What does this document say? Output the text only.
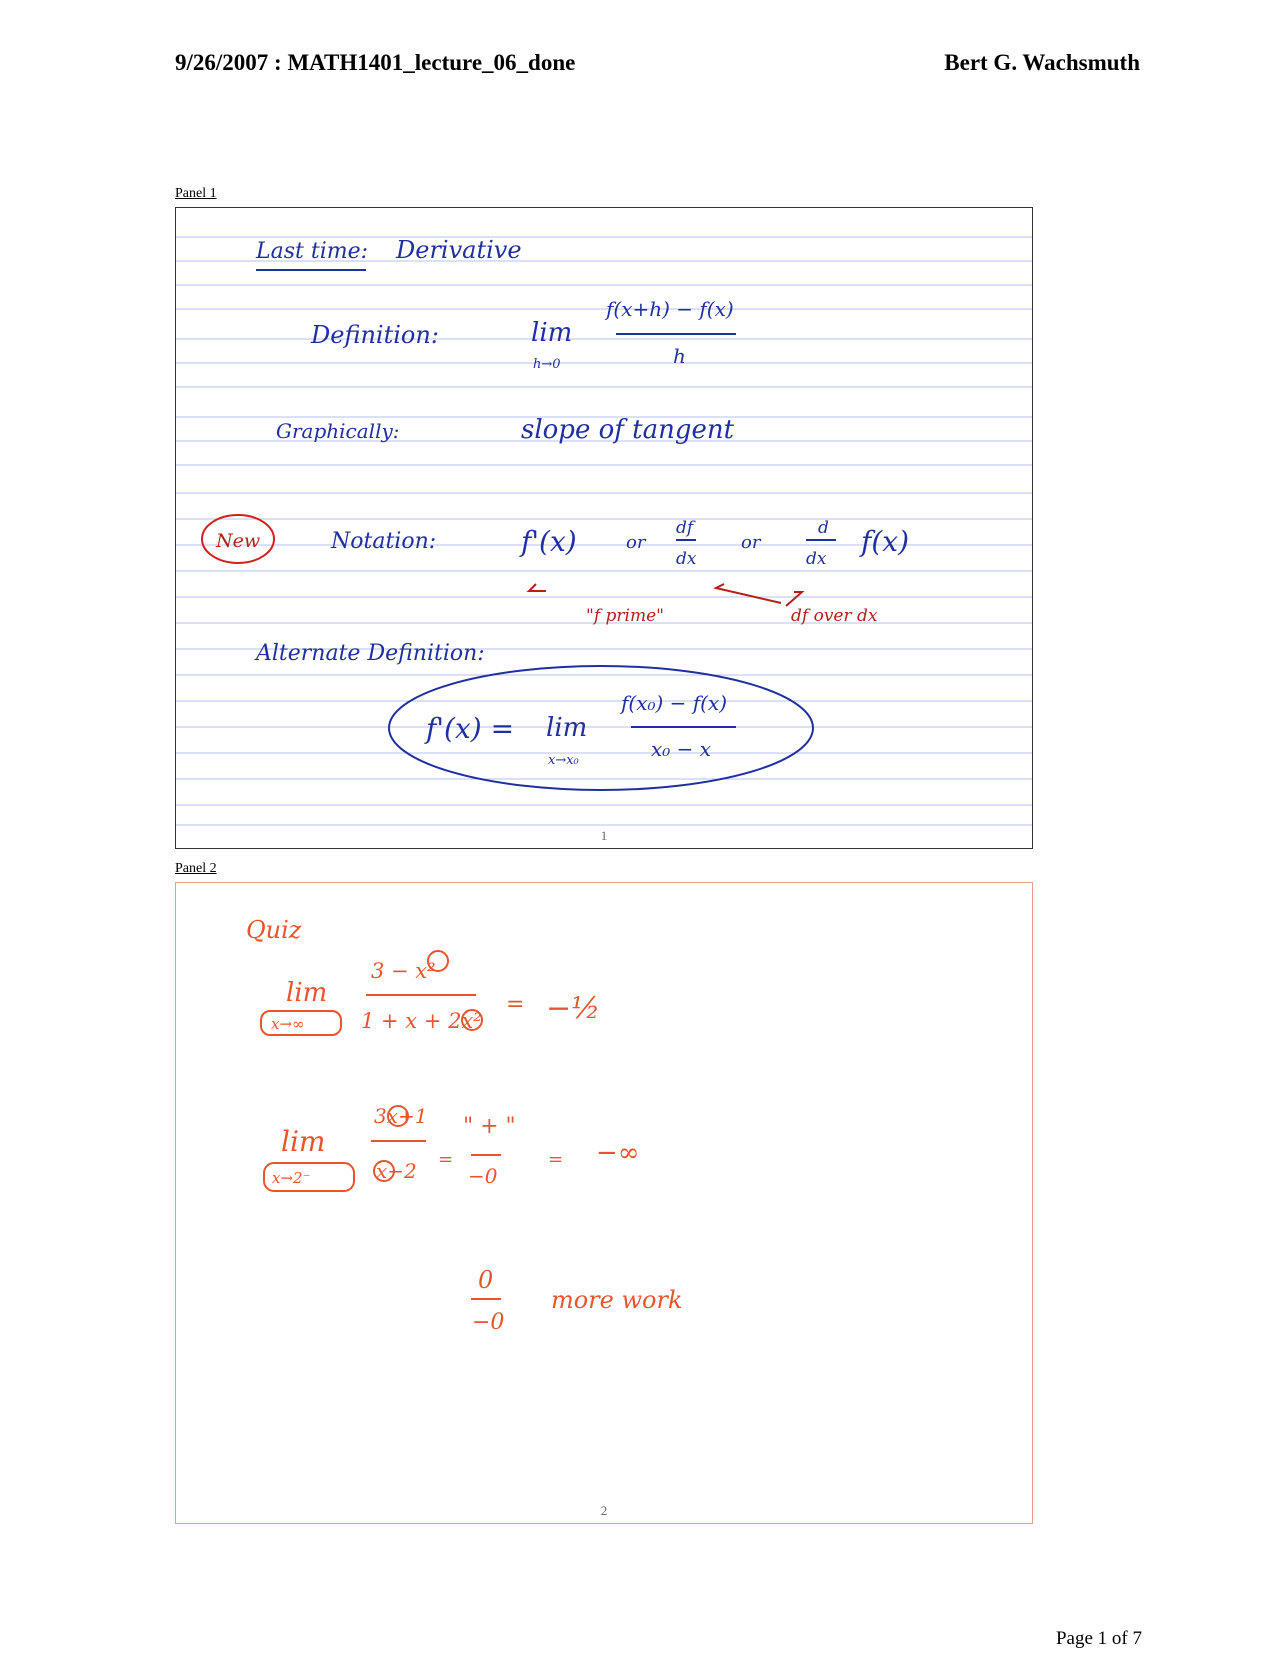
9/26/2007 : MATH1401_lecture_06_done	Bert G. Wachsmuth
Panel 1
Last time: Derivative
Definition:	lim
h→0
f(x+h) − f(x)
h
Graphically:	slope of tangent
New	Notation:	f'(x)	or
df
dx
or
d
dx
f(x)
"f prime"	df over dx
Alternate Definition:
f'(x) = lim
x→x₀
f(x₀) − f(x)
x₀ − x
1
Panel 2
Quiz
lim
x→∞
3 − x²
1 + x + 2x²
= −½
lim
x→2⁻
3x+1
x−2 =
" + "
−0
= −∞
0
−0
more work
2
Page 1 of 7
